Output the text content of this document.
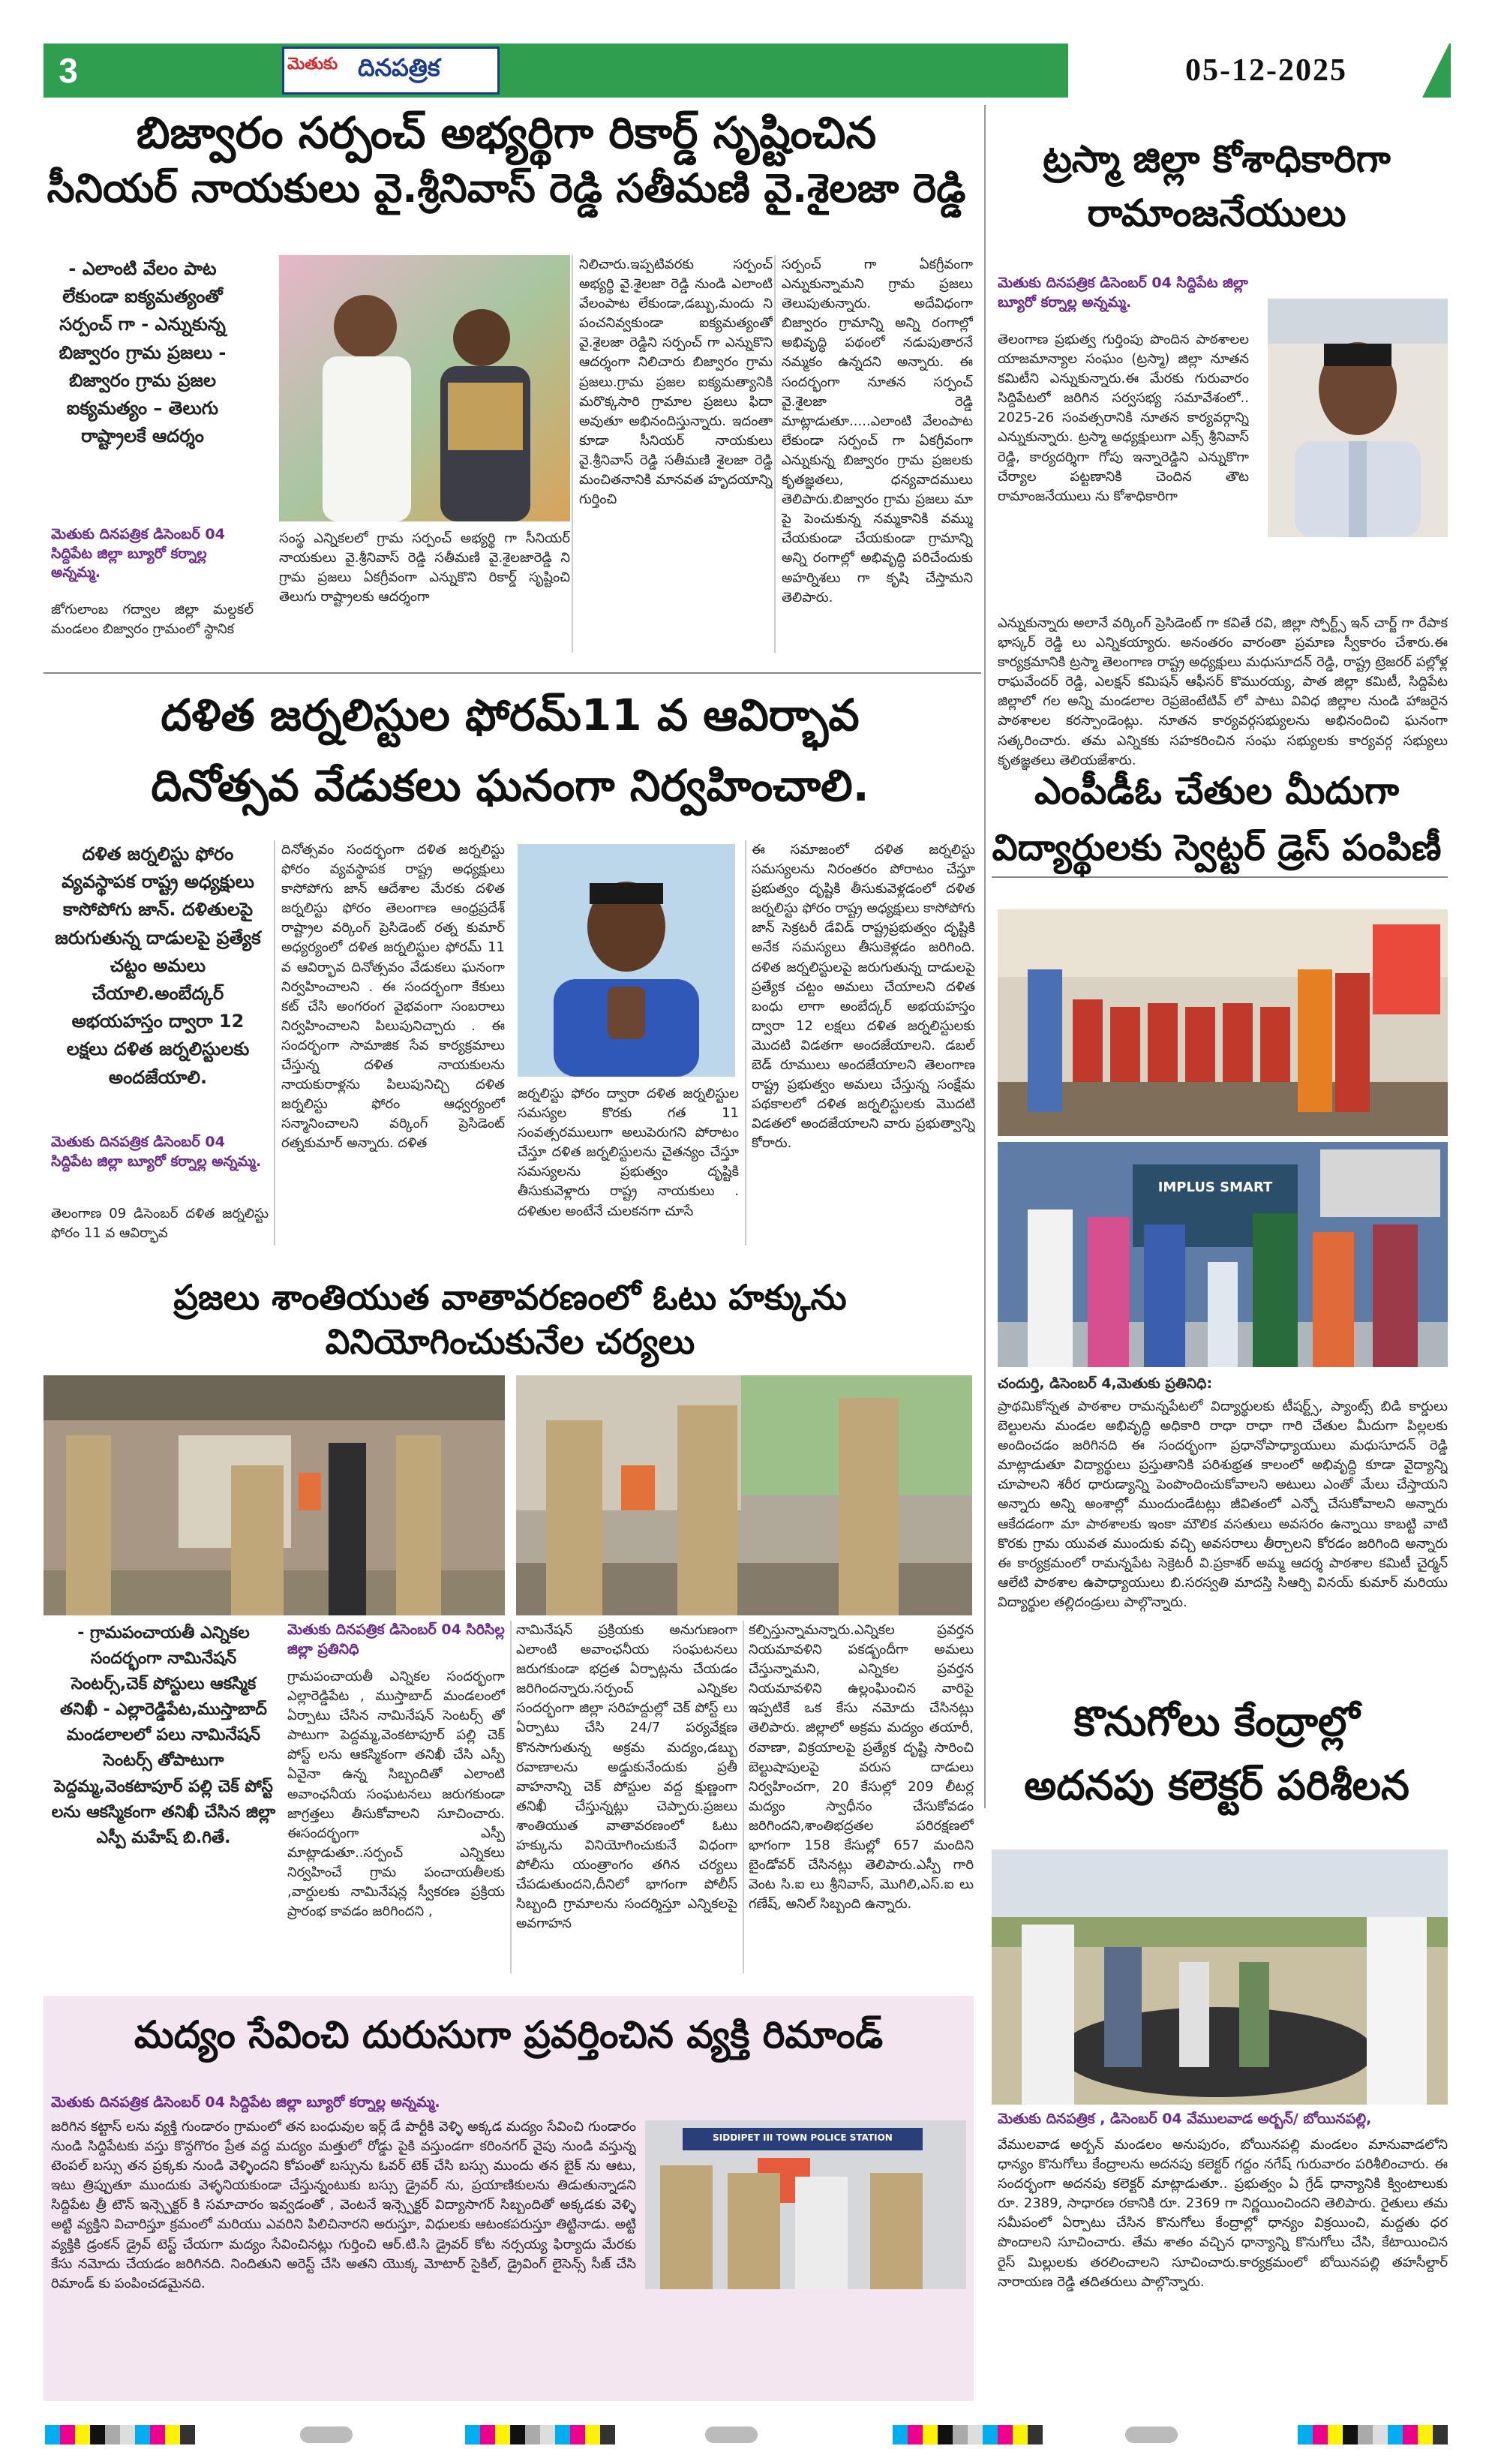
3	మెతుకు దినపత్రిక	05-12-2025
బిజ్వారం సర్పంచ్ అభ్యర్థిగా రికార్డ్ సృష్టించిన
సీనియర్ నాయకులు వై.శ్రీనివాస్ రెడ్డి సతీమణి వై.శైలజా రెడ్డి
- ఎలాంటి వేలం పాట లేకుండా ఐక్యమత్యంతో సర్పంచ్ గా - ఎన్నుకున్న బిజ్వారం గ్రామ ప్రజలు - బిజ్వారం గ్రామ ప్రజల ఐక్యమత్యం – తెలుగు రాష్ట్రాలకే ఆదర్శం
మెతుకు దినపత్రిక డిసెంబర్ 04 సిద్దిపేట జిల్లా బ్యూరో కర్నాల్ల అన్నమ్మ.
జోగులాంబ గద్వాల జిల్లా మల్దకల్ మండలం బిజ్వారం గ్రామంలో స్థానిక
సంస్థ ఎన్నికలలో గ్రామ సర్పంచ్ అభ్యర్థి గా సీనియర్ నాయకులు వై.శ్రీనివాస్ రెడ్డి సతీమణి వై.శైలజారెడ్డి ని గ్రామ ప్రజలు ఏకగ్రీవంగా ఎన్నుకొని రికార్డ్ సృష్టించి తెలుగు రాష్ట్రాలకు ఆదర్శంగా
నిలిచారు.ఇప్పటివరకు సర్పంచ్ అభ్యర్థి వై.శైలజా రెడ్డి నుండి ఎలాంటి వేలంపాట లేకుండా,డబ్బు,మందు ని పంచనివ్వకుండా ఐక్యమత్యంతో వై.శైలజా రెడ్డిని సర్పంచ్ గా ఎన్నుకొని ఆదర్శంగా నిలిచారు బిజ్వారం గ్రామ ప్రజలు.గ్రామ ప్రజల ఐక్యమత్యానికి మరొక్కసారి గ్రామాల ప్రజలు ఫిదా అవుతూ అభినందిస్తున్నారు. ఇదంతా కూడా సీనియర్ నాయకులు వై.శ్రీనివాస్ రెడ్డి సతీమణి శైలజా రెడ్డి మంచితనానికి మానవత హృదయాన్ని గుర్తించి
సర్పంచ్ గా ఏకగ్రీవంగా ఎన్నుకున్నామని గ్రామ ప్రజలు తెలుపుతున్నారు. అదేవిధంగా బిజ్వారం గ్రామాన్ని అన్ని రంగాల్లో అభివృద్ధి పథంలో నడుపుతారనే నమ్మకం ఉన్నదని అన్నారు. ఈ సందర్భంగా నూతన సర్పంచ్ వై.శైలజా రెడ్డి మాట్లాడుతూ.....ఎలాంటి వేలంపాట లేకుండా సర్పంచ్ గా ఏకగ్రీవంగా ఎన్నుకున్న బిజ్వారం గ్రామ ప్రజలకు కృతజ్ఞతలు, ధన్యవాదములు తెలిపారు.బిజ్వారం గ్రామ ప్రజలు మా పై పెంచుకున్న నమ్మకానికి వమ్ము చేయకుండా చేయకుండా గ్రామాన్ని అన్ని రంగాల్లో అభివృద్ధి పరిచేందుకు అహర్నిశలు గా కృషి చేస్తామని తెలిపారు.
ట్రస్మా జిల్లా కోశాధికారిగా
రామాంజనేయులు
మెతుకు దినపత్రిక డిసెంబర్ 04 సిద్దిపేట జిల్లా బ్యూరో కర్నాల్ల అన్నమ్మ.
తెలంగాణ ప్రభుత్వ గుర్తింపు పొందిన పాఠశాలల యాజమాన్యాల సంఘం (ట్రస్మా) జిల్లా నూతన కమిటీని ఎన్నుకున్నారు.ఈ మేరకు గురువారం సిద్దిపేటలో జరిగిన సర్వసభ్య సమావేశంలో.. 2025-26 సంవత్సరానికి నూతన కార్యవర్గాన్ని ఎన్నుకున్నారు. ట్రస్మా అధ్యక్షులుగా ఎక్స్ శ్రీనివాస్ రెడ్డి, కార్యదర్శిగా గోపు ఇన్నారెడ్డిని ఎన్నుకొగా చేర్యాల పట్టణానికి చెందిన తౌట రామాంజనేయులు ను కోశాధికారిగా
ఎన్నుకున్నారు అలానే వర్కింగ్ ప్రెసిడెంట్ గా కవితే రవి, జిల్లా స్పోర్ట్స్ ఇన్ చార్జ్ గా రేపాక భాస్కర్ రెడ్డి లు ఎన్నికయ్యారు. అనంతరం వారంతా ప్రమాణ స్వీకారం చేశారు.ఈ కార్యక్రమానికి ట్రస్మా తెలంగాణ రాష్ట్ర అధ్యక్షులు మధుసూదన్ రెడ్డి, రాష్ట్ర ట్రెజరర్ పల్లోళ్ల రాఘవేందర్ రెడ్డి, ఎలక్షన్ కమిషన్ ఆఫీసర్ కొమురయ్య, పాత జిల్లా కమిటీ, సిద్దిపేట జిల్లాలో గల అన్ని మండలాల రెప్రజెంటేటివ్ లో పాటు వివిధ జిల్లాల నుండి హాజరైన పాఠశాలల కరస్పాండెంట్లు. నూతన కార్యవర్గసభ్యులను అభినందించి ఘనంగా సత్కరించారు. తమ ఎన్నికకు సహకరించిన సంఘ సభ్యులకు కార్యవర్గ సభ్యులు కృతజ్ఞతలు తెలియజేశారు.
దళిత జర్నలిస్టుల ఫోరమ్11 వ ఆవిర్భావ
దినోత్సవ వేడుకలు ఘనంగా నిర్వహించాలి.
దళిత జర్నలిస్టు ఫోరం వ్యవస్థాపక రాష్ట్ర అధ్యక్షులు కాసోపోగు జాన్. దళితులపై జరుగుతున్న దాడులపై ప్రత్యేక చట్టం అమలు చేయాలి.అంబేద్కర్ అభయహస్తం ద్వారా 12 లక్షలు దళిత జర్నలిస్టులకు అందజేయాలి.
మెతుకు దినపత్రిక డిసెంబర్ 04 సిద్దిపేట జిల్లా బ్యూరో కర్నాల్ల అన్నమ్మ.
తెలంగాణ 09 డిసెంబర్ దళిత జర్నలిస్టు ఫోరం 11 వ ఆవిర్భావ
దినోత్సవం సందర్భంగా దళిత జర్నలిస్టు ఫోరం వ్యవస్థాపక రాష్ట్ర అధ్యక్షులు కాసోపోగు జాన్ ఆదేశాల మేరకు దళిత జర్నలిస్టు ఫోరం తెలంగాణ ఆంధ్రప్రదేశ్ రాష్ట్రాల వర్కింగ్ ప్రెసిడెంట్ రత్న కుమార్ అధ్యర్యంలో దళిత జర్నలిస్టుల ఫోరమ్ 11 వ ఆవిర్భావ దినోత్సవం వేడుకలు ఘనంగా నిర్వహించాలని . ఈ సందర్భంగా కేకులు కట్ చేసి అంగరంగ వైభవంగా సంబరాలు నిర్వహించాలని పిలుపునిచ్చారు . ఈ సందర్భంగా సామాజిక సేవ కార్యక్రమాలు చేస్తున్న దళిత నాయకులను నాయకురాళ్లను పిలుపునిచ్చి దళిత జర్నలిస్టు ఫోరం ఆధ్వర్యంలో సన్మానించాలని వర్కింగ్ ప్రెసిడెంట్ రత్నకుమార్ అన్నారు. దళిత
జర్నలిస్టు ఫోరం ద్వారా దళిత జర్నలిస్టుల సమస్యల కొరకు గత 11 సంవత్సరములుగా అలుపెరుగని పోరాటం చేస్తూ దళిత జర్నలిస్టులను చైతన్యం చేస్తూ సమస్యలను ప్రభుత్వం దృష్టికి తీసుకువెళ్లారు రాష్ట్ర నాయకులు . దళితుల అంటేనే చులకనగా చూసే
ఈ సమాజంలో దళిత జర్నలిస్టు సమస్యలను నిరంతరం పోరాటం చేస్తూ ప్రభుత్వం దృష్టికి తీసుకువెళ్లడంలో దళిత జర్నలిస్టు ఫోరం రాష్ట్ర అధ్యక్షులు కాసోపోగు జాన్ సెక్రటరీ డేవిడ్ రాష్ట్రప్రభుత్వం దృష్టికి అనేక సమస్యలు తీసుకెళ్లడం జరిగింది. దళిత జర్నలిస్టులపై జరుగుతున్న దాడులపై ప్రత్యేక చట్టం అమలు చేయాలని దళిత బంధు లాగా అంబేద్కర్ అభయహస్తం ద్వారా 12 లక్షలు దళిత జర్నలిస్టులకు మొదటి విడతగా అందజేయాలని. డబల్ బెడ్ రూములు అందజేయాలని తెలంగాణ రాష్ట్ర ప్రభుత్వం అమలు చేస్తున్న సంక్షేమ పథకాలలో దళిత జర్నలిస్టులకు మొదటి విడతలో అందజేయాలని వారు ప్రభుత్వాన్ని కోరారు.
ఎంపీడీఓ చేతుల మీదుగా
విద్యార్థులకు స్వెట్టర్ డ్రెస్ పంపిణీ
IMPLUS SMART
చందుర్తి, డిసెంబర్ 4,మెతుకు ప్రతినిధి:
ప్రాథమికోన్నత పాఠశాల రామన్నపేటలో విద్యార్థులకు టీషర్ట్స్, ప్యాంట్స్ బిడి కార్డులు బెల్టులను మండల అభివృద్ధి అధికారి రాధా రాధా గారి చేతుల మీదుగా పిల్లలకు అందించడం జరిగినది ఈ సందర్భంగా ప్రధానోపాధ్యాయులు మధుసూదన్ రెడ్డి మాట్లాడుతూ విద్యార్థులు ప్రస్తుతానికి పరిశుభ్రత కాలంలో అభివృద్ధి కూడా వైద్యాన్ని చూపాలని శరీర ధారుడ్యాన్ని పెంపొందించుకోవాలని అటులు ఎంతో మేలు చేస్తాయని అన్నారు అన్ని అంశాల్లో ముందుండేటట్లు జీవితంలో ఎన్నో చేసుకోవాలని అన్నారు ఆకేదడంగా మా పాఠశాలకు ఇంకా మౌలిక వసతులు అవసరం ఉన్నాయి కాబట్టి వాటి కొరకు గ్రామ యువత ముందుకు వచ్చి అవసరాలు తీర్చాలని కోరడం జరిగింది అన్నారు ఈ కార్యక్రమంలో రామన్నపేట సెక్రెటరీ వి.ప్రకాశర్ అమ్మ ఆదర్శ పాఠశాల కమిటీ చైర్మన్ ఆలేటి పాఠశాల ఉపాధ్యాయులు బి.సరస్వతి మాదస్తి సిఆర్పి వినయ్ కుమార్ మరియు విద్యార్థుల తల్లిదండ్రులు పాల్గొన్నారు.
ప్రజలు శాంతియుత వాతావరణంలో ఓటు హక్కును వినియోగించుకునేల చర్యలు
- గ్రామపంచాయతీ ఎన్నికల సందర్భంగా నామినేషన్ సెంటర్స్,చెక్ పోస్టులు ఆకస్మిక తనిఖీ - ఎల్లారెడ్డిపేట,ముస్తాబాద్ మండలాలలో పలు నామినేషన్ సెంటర్స్ తోపాటుగా పెద్దమ్మ,వెంకటాపూర్ పల్లి చెక్ పోస్ట్ లను ఆకస్మికంగా తనిఖీ చేసిన జిల్లా ఎస్పీ మహేష్ బి.గితే.
మెతుకు దినపత్రిక డిసెంబర్ 04 సిరిసిల్ల జిల్లా ప్రతినిధి
గ్రామపంచాయతీ ఎన్నికల సందర్భంగా ఎల్లారెడ్డిపేట , ముస్తాబాద్ మండలంలో ఏర్పాటు చేసిన నామినేషన్ సెంటర్స్ తో పాటుగా పెద్దమ్మ,వెంకటాపూర్ పల్లి చెక్ పోస్ట్ లను ఆకస్మికంగా తనిఖీ చేసి ఎస్పీ ఏవైనా ఉన్న సిబ్బందితో ఎలాంటి అవాంఛనీయ సంఘటనలు జరుగకుండా జాగ్రత్తలు తీసుకోవాలని సూచించారు. ఈసందర్భంగా ఎస్పీ మాట్లాడుతూ..సర్పంచ్ ఎన్నికలు నిర్వహించే గ్రామ పంచాయతీలకు ,వార్డులకు నామినేషన్ల స్వీకరణ ప్రక్రియ ప్రారంభ కావడం జరిగిందని ,
నామినేషన్ ప్రక్రియకు అనుగుణంగా ఎలాంటి అవాంఛనీయ సంఘటనలు జరుగకుండా భద్రత ఏర్పాట్లను చేయడం జరిగిందన్నారు.సర్పంచ్ ఎన్నికల సందర్భంగా జిల్లా సరిహద్దుల్లో చెక్ పోస్ట్ లు ఏర్పాటు చేసి 24/7 పర్యవేక్షణ కొనసాగుతున్న అక్రమ మద్యం,డబ్బు రవాణాలను అడ్డుకునేందుకు ప్రతీ వాహనాన్ని చెక్ పోస్టుల వద్ద క్షుణ్ణంగా తనిఖీ చేస్తున్నట్లు చెప్పారు.ప్రజలు శాంతియుత వాతావరణంలో ఓటు హక్కును వినియోగించుకునే విధంగా పోలీసు యంత్రాంగం తగిన చర్యలు చేపడుతుందని,దీనిలో భాగంగా పోలీస్ సిబ్బంది గ్రామాలను సందర్శిస్తూ ఎన్నికలపై అవగాహన
కల్పిస్తున్నామన్నారు.ఎన్నికల ప్రవర్తన నియమావళిని పకడ్బందీగా అమలు చేస్తున్నామని, ఎన్నికల ప్రవర్తన నియమావళిని ఉల్లంఘించిన వారిపై ఇప్పటికే ఒక కేసు నమోదు చేసినట్లు తెలిపారు. జిల్లాలో అక్రమ మద్యం తయారీ, రవాణా, విక్రయాలపై ప్రత్యేక దృష్టి సారించి బెల్టుషాపులపై వరుస దాడులు నిర్వహించగా, 20 కేసుల్లో 209 లీటర్ల మద్యం స్వాధీనం చేసుకోవడం జరిగిందని,శాంతిభద్రతల పరిరక్షణలో భాగంగా 158 కేసుల్లో 657 మందిని బైండోవర్ చేసినట్లు తెలిపారు.ఎస్పీ గారి వెంట సి.ఐ లు శ్రీనివాస్, మొగిలి,ఎస్.ఐ లు గణేష్, అనిల్ సిబ్బంది ఉన్నారు.
కొనుగోలు కేంద్రాల్లో
అదనపు కలెక్టర్ పరిశీలన
మెతుకు దినపత్రిక , డిసెంబర్ 04 వేములవాడ అర్బన్/ బోయినపల్లి,
వేములవాడ అర్బన్ మండలం అనుపురం, బోయినపల్లి మండలం మానువాడలోని ధాన్యం కొనుగోలు కేంద్రాలను అదనపు కలెక్టర్ గద్దం నగేష్ గురువారం పరిశీలించారు. ఈ సందర్భంగా అదనపు కలెక్టర్ మాట్లాడుతూ.. ప్రభుత్వం ఏ గ్రేడ్ ధాన్యానికి క్వింటాలుకు రూ. 2389, సాధారణ రకానికి రూ. 2369 గా నిర్ణయించిందని తెలిపారు. రైతులు తమ సమీపంలో ఏర్పాటు చేసిన కొనుగోలు కేంద్రాల్లో ధాన్యం విక్రయించి, మద్దతు ధర పొందాలని సూచించారు. తేమ శాతం వచ్చిన ధాన్యాన్ని కొనుగోలు చేసి, కేటాయించిన రైస్ మిల్లులకు తరలించాలని సూచించారు.కార్యక్రమంలో బోయినపల్లి తహసీల్దార్ నారాయణ రెడ్డి తదితరులు పాల్గొన్నారు.
మద్యం సేవించి దురుసుగా ప్రవర్తించిన వ్యక్తి రిమాండ్
మెతుకు దినపత్రిక డిసెంబర్ 04 సిద్దిపేట జిల్లా బ్యూరో కర్నాల్ల అన్నమ్మ.
జరిగిన కట్టాస్ లను వ్యక్తి గుండారం గ్రామంలో తన బంధువుల ఇర్ల్ డే పార్టీకి వెళ్ళి అక్కడ మద్యం సేవించి గుండారం నుండి సిద్దిపేటకు వస్తు కొన్దగొరం ప్రేత వద్ద మద్యం మత్తులో రోడ్డు పైకి వస్తుండగా కరింనగర్ వైపు నుండి వస్తున్న టెంపల్ బస్సు తన ప్రక్కకు నుండి వెళ్ళిందని కోపంతో బస్సును ఓవర్ టెక్ చేసి బస్సు ముందు తన బైక్ ను ఆటు, ఇటు త్రిప్పుతూ ముందుకు వెళ్ళనియకుండా చేస్తున్నంటుకు బస్సు డ్రైవర్ ను, ప్రయాణికులను తిడుతున్నాడని సిద్దిపేట త్రీ టౌన్ ఇన్స్పెక్టర్ కి సమాచారం ఇవ్వడంతో , వెంటనే ఇన్స్పెక్టర్ విద్యాసాగర్ సిబ్బందితో అక్కడకు వెళ్ళి అట్టి వ్యక్తిని విచారిస్తూ క్రమంలో మరియు ఎవరిని పిలిచినారని అరుస్తూ, విధులకు ఆటంకపరుస్తూ తిట్టినాడు. అట్టి వ్యక్తికి డ్రంకన్ డ్రైవ్ టెస్ట్ చేయగా మద్యం సేవించినట్లు గుర్తించి ఆర్.టి.సి డ్రైవర్ కోట నర్సయ్య ఫిర్యాదు మేరకు కేసు నమోదు చేయడం జరిగినది. నిందితుని అరెస్ట్ చేసి అతని యొక్క మోటార్ సైకిల్, డ్రైవింగ్ లైసెన్స్ సీజ్ చేసి రిమాండ్ కు పంపించడమైనది.
SIDDIPET III TOWN POLICE STATION
